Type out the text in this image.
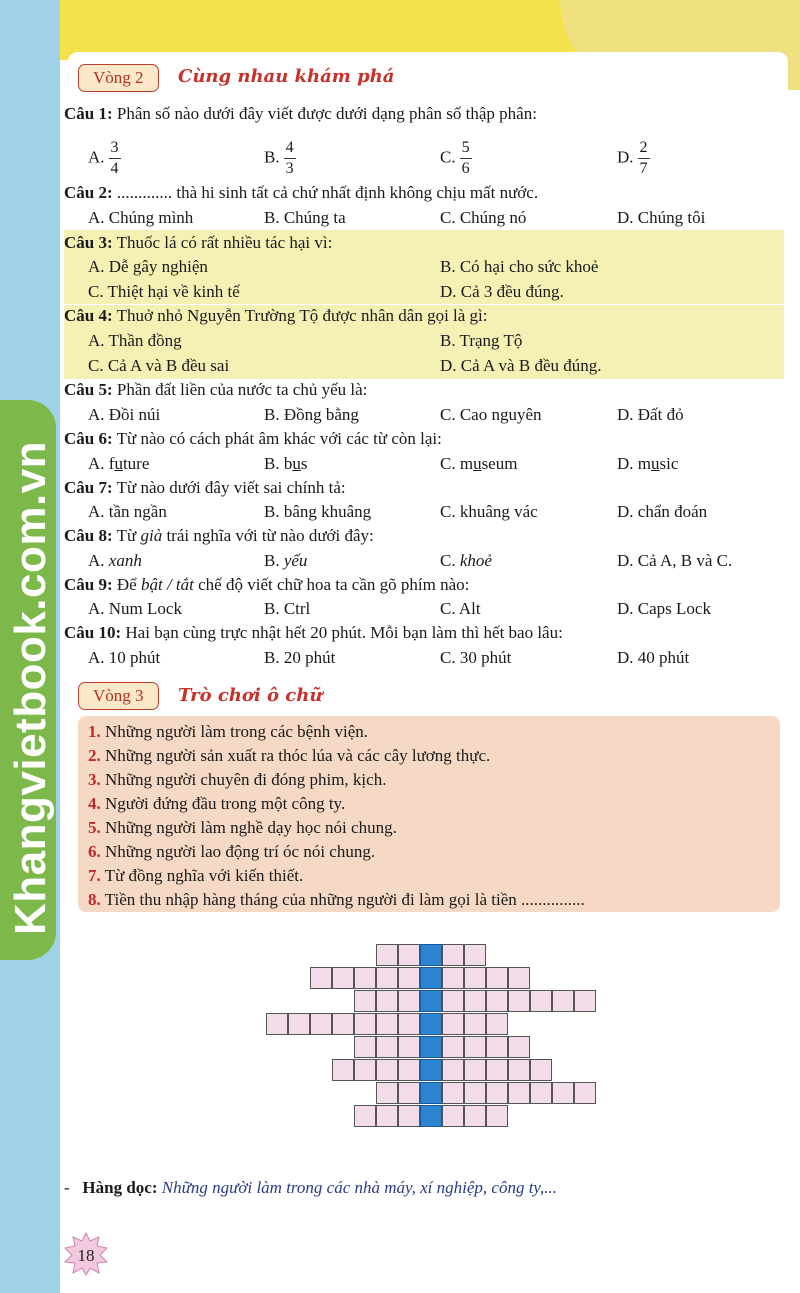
Khangvietbook.com.vn
Vòng 2	Cùng nhau khám phá
Câu 1: Phân số nào dưới đây viết được dưới dạng phân số thập phân:
A. $\frac{3}{4}$	B. $\frac{4}{3}$	C. $\frac{5}{6}$	D. $\frac{2}{7}$
Câu 2: ............. thà hi sinh tất cả chứ nhất định không chịu mất nước.
A. Chúng mình	B. Chúng ta	C. Chúng nó	D. Chúng tôi
Câu 3: Thuốc lá có rất nhiều tác hại vì:
A. Dễ gây nghiện	B. Có hại cho sức khoẻ
C. Thiệt hại về kinh tế	D. Cả 3 đều đúng.
Câu 4: Thuở nhỏ Nguyễn Trường Tộ được nhân dân gọi là gì:
A. Thần đồng	B. Trạng Tộ
C. Cả A và B đều sai	D. Cả A và B đều đúng.
Câu 5: Phần đất liền của nước ta chủ yếu là:
A. Đồi núi	B. Đồng bằng	C. Cao nguyên	D. Đất đỏ
Câu 6: Từ nào có cách phát âm khác với các từ còn lại:
A. future	B. bus	C. museum	D. music
Câu 7: Từ nào dưới đây viết sai chính tả:
A. tần ngần	B. bâng khuâng	C. khuâng vác	D. chẩn đoán
Câu 8: Từ già trái nghĩa với từ nào dưới đây:
A. xanh	B. yếu	C. khoẻ	D. Cả A, B và C.
Câu 9: Để bật / tắt chế độ viết chữ hoa ta cần gõ phím nào:
A. Num Lock	B. Ctrl	C. Alt	D. Caps Lock
Câu 10: Hai bạn cùng trực nhật hết 20 phút. Mỗi bạn làm thì hết bao lâu:
A. 10 phút	B. 20 phút	C. 30 phút	D. 40 phút
Vòng 3	Trò chơi ô chữ
1. Những người làm trong các bệnh viện.
2. Những người sản xuất ra thóc lúa và các cây lương thực.
3. Những người chuyên đi đóng phim, kịch.
4. Người đứng đầu trong một công ty.
5. Những người làm nghề dạy học nói chung.
6. Những người lao động trí óc nói chung.
7. Từ đồng nghĩa với kiến thiết.
8. Tiền thu nhập hàng tháng của những người đi làm gọi là tiền ...............
-   Hàng dọc: Những người làm trong các nhà máy, xí nghiệp, công ty,...
18
